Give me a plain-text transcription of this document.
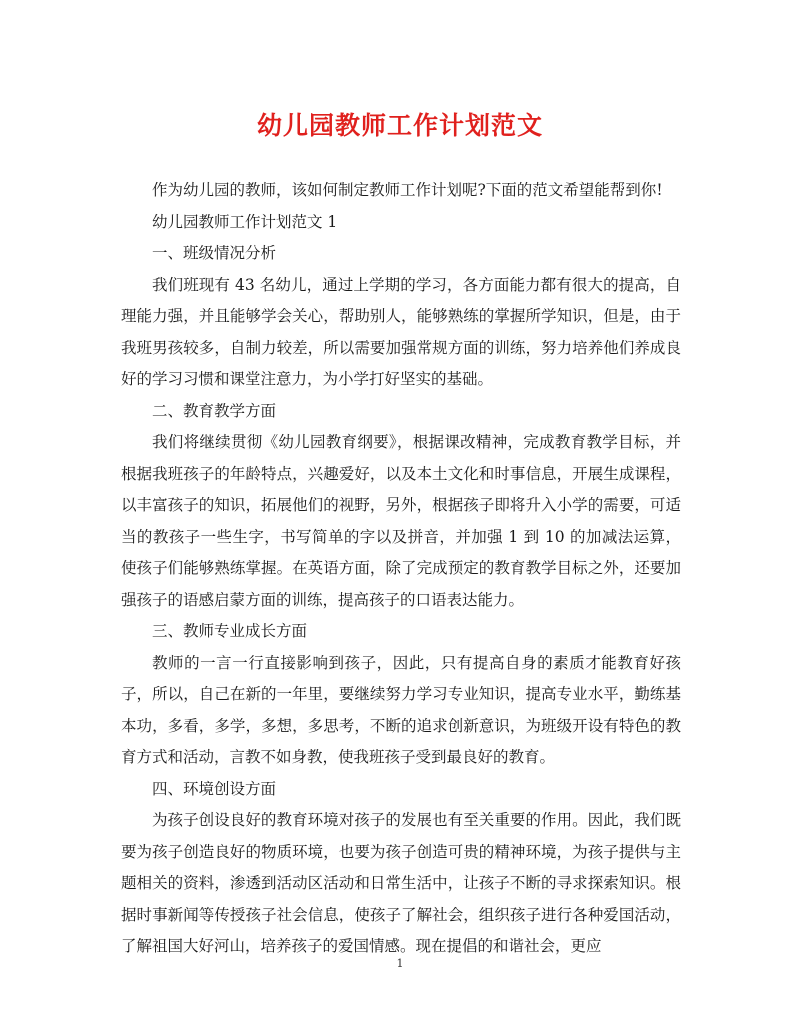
幼儿园教师工作计划范文

作为幼儿园的教师，该如何制定教师工作计划呢?下面的范文希望能帮到你!

幼儿园教师工作计划范文 1

一、班级情况分析

我们班现有 43 名幼儿，通过上学期的学习，各方面能力都有很大的提高，自理能力强，并且能够学会关心，帮助别人，能够熟练的掌握所学知识，但是，由于我班男孩较多，自制力较差，所以需要加强常规方面的训练，努力培养他们养成良好的学习习惯和课堂注意力，为小学打好坚实的基础。

二、教育教学方面

我们将继续贯彻《幼儿园教育纲要》，根据课改精神，完成教育教学目标，并根据我班孩子的年龄特点，兴趣爱好，以及本土文化和时事信息，开展生成课程，以丰富孩子的知识，拓展他们的视野，另外，根据孩子即将升入小学的需要，可适当的教孩子一些生字，书写简单的字以及拼音，并加强 1 到 10 的加减法运算，使孩子们能够熟练掌握。在英语方面，除了完成预定的教育教学目标之外，还要加强孩子的语感启蒙方面的训练，提高孩子的口语表达能力。

三、教师专业成长方面

教师的一言一行直接影响到孩子，因此，只有提高自身的素质才能教育好孩子，所以，自己在新的一年里，要继续努力学习专业知识，提高专业水平，勤练基本功，多看，多学，多想，多思考，不断的追求创新意识，为班级开设有特色的教育方式和活动，言教不如身教，使我班孩子受到最良好的教育。

四、环境创设方面

为孩子创设良好的教育环境对孩子的发展也有至关重要的作用。因此，我们既要为孩子创造良好的物质环境，也要为孩子创造可贵的精神环境，为孩子提供与主题相关的资料，渗透到活动区活动和日常生活中，让孩子不断的寻求探索知识。根据时事新闻等传授孩子社会信息，使孩子了解社会，组织孩子进行各种爱国活动，了解祖国大好河山，培养孩子的爱国情感。现在提倡的和谐社会，更应

1
